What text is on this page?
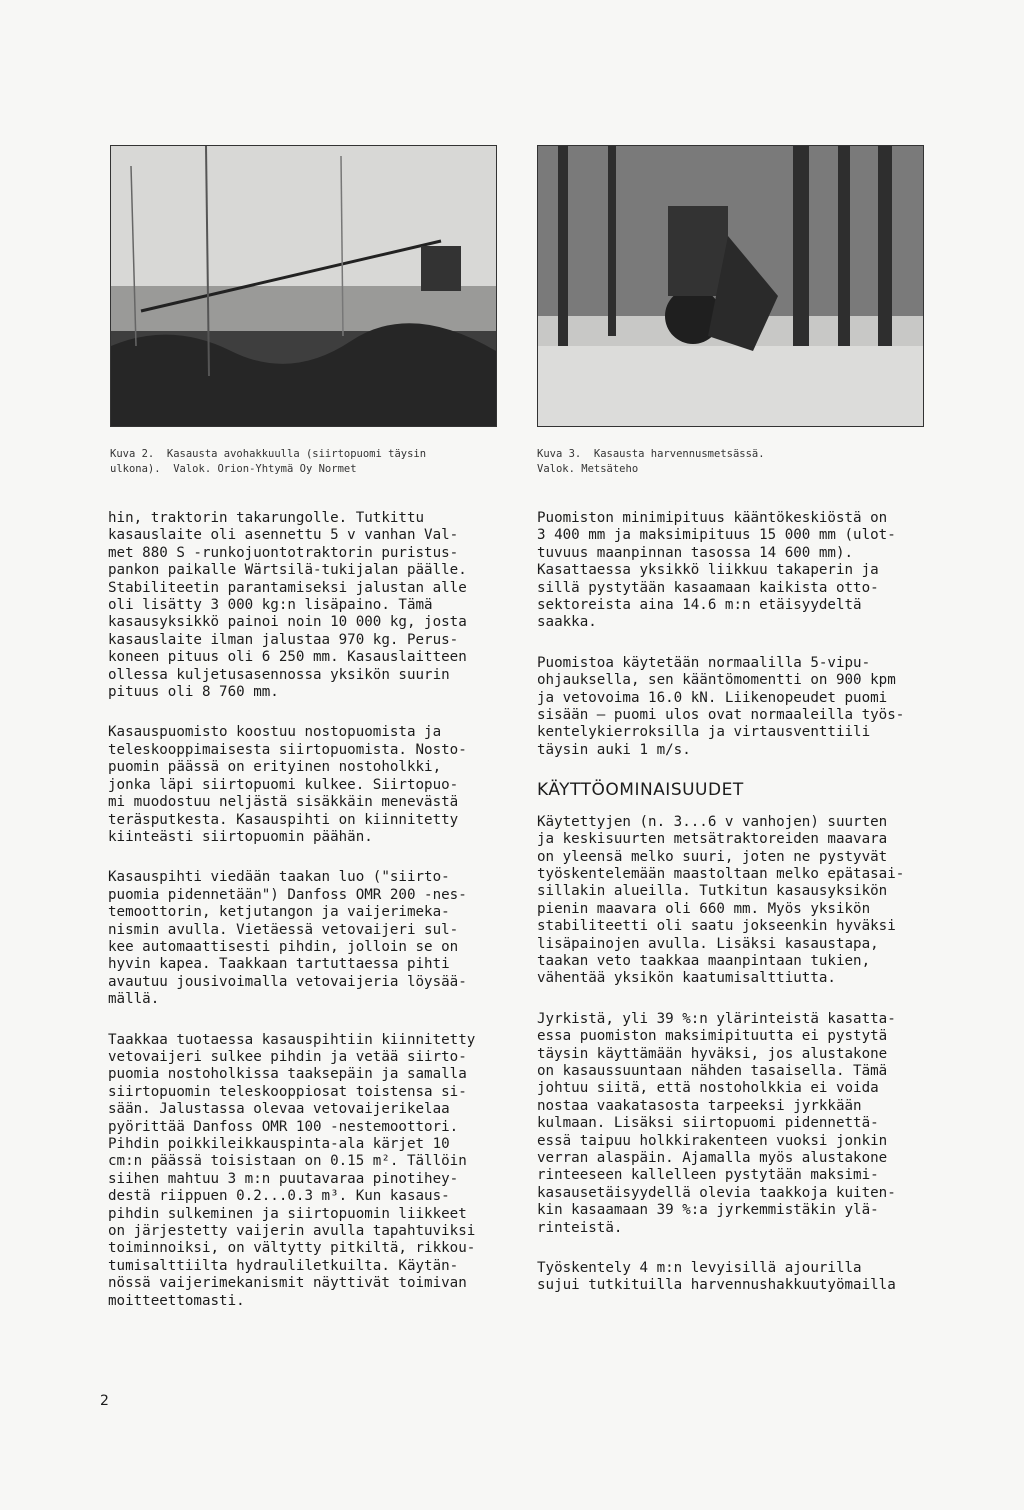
Kuva 2.  Kasausta avohakkuulla (siirtopuomi täysin
ulkona).  Valok. Orion-Yhtymä Oy Normet
Kuva 3.  Kasausta harvennusmetsässä.
Valok. Metsäteho
hin, traktorin takarungolle. Tutkittu
kasauslaite oli asennettu 5 v vanhan Val-
met 880 S -runkojuontotraktorin puristus-
pankon paikalle Wärtsilä-tukijalan päälle.
Stabiliteetin parantamiseksi jalustan alle
oli lisätty 3 000 kg:n lisäpaino. Tämä
kasausyksikkö painoi noin 10 000 kg, josta
kasauslaite ilman jalustaa 970 kg. Perus-
koneen pituus oli 6 250 mm. Kasauslaitteen
ollessa kuljetusasennossa yksikön suurin
pituus oli 8 760 mm.
Kasauspuomisto koostuu nostopuomista ja
teleskooppimaisesta siirtopuomista. Nosto-
puomin päässä on erityinen nostoholkki,
jonka läpi siirtopuomi kulkee. Siirtopuo-
mi muodostuu neljästä sisäkkäin menevästä
teräsputkesta. Kasauspihti on kiinnitetty
kiinteästi siirtopuomin päähän.
Kasauspihti viedään taakan luo ("siirto-
puomia pidennetään") Danfoss OMR 200 -nes-
temoottorin, ketjutangon ja vaijerimeka-
nismin avulla. Vietäessä vetovaijeri sul-
kee automaattisesti pihdin, jolloin se on
hyvin kapea. Taakkaan tartuttaessa pihti
avautuu jousivoimalla vetovaijeria löysää-
mällä.
Taakkaa tuotaessa kasauspihtiin kiinnitetty
vetovaijeri sulkee pihdin ja vetää siirto-
puomia nostoholkissa taaksepäin ja samalla
siirtopuomin teleskooppiosat toistensa si-
sään. Jalustassa olevaa vetovaijerikelaa
pyörittää Danfoss OMR 100 -nestemoottori.
Pihdin poikkileikkauspinta-ala kärjet 10
cm:n päässä toisistaan on 0.15 m². Tällöin
siihen mahtuu 3 m:n puutavaraa pinotihey-
destä riippuen 0.2...0.3 m³. Kun kasaus-
pihdin sulkeminen ja siirtopuomin liikkeet
on järjestetty vaijerin avulla tapahtuviksi
toiminnoiksi, on vältytty pitkiltä, rikkou-
tumisalttiilta hydrauliletkuilta. Käytän-
nössä vaijerimekanismit näyttivät toimivan
moitteettomasti.
Puomiston minimipituus kääntökeskiöstä on
3 400 mm ja maksimipituus 15 000 mm (ulot-
tuvuus maanpinnan tasossa 14 600 mm).
Kasattaessa yksikkö liikkuu takaperin ja
sillä pystytään kasaamaan kaikista otto-
sektoreista aina 14.6 m:n etäisyydeltä
saakka.
Puomistoa käytetään normaalilla 5-vipu-
ohjauksella, sen kääntömomentti on 900 kpm
ja vetovoima 16.0 kN. Liikenopeudet puomi
sisään — puomi ulos ovat normaaleilla työs-
kentelykierroksilla ja virtausventtiili
täysin auki 1 m/s.
KÄYTTÖOMINAISUUDET
Käytettyjen (n. 3...6 v vanhojen) suurten
ja keskisuurten metsätraktoreiden maavara
on yleensä melko suuri, joten ne pystyvät
työskentelemään maastoltaan melko epätasai-
sillakin alueilla. Tutkitun kasausyksikön
pienin maavara oli 660 mm. Myös yksikön
stabiliteetti oli saatu jokseenkin hyväksi
lisäpainojen avulla. Lisäksi kasaustapa,
taakan veto taakkaa maanpintaan tukien,
vähentää yksikön kaatumisalttiutta.
Jyrkistä, yli 39 %:n ylärinteistä kasatta-
essa puomiston maksimipituutta ei pystytä
täysin käyttämään hyväksi, jos alustakone
on kasaussuuntaan nähden tasaisella. Tämä
johtuu siitä, että nostoholkkia ei voida
nostaa vaakatasosta tarpeeksi jyrkkään
kulmaan. Lisäksi siirtopuomi pidennettä-
essä taipuu holkkirakenteen vuoksi jonkin
verran alaspäin. Ajamalla myös alustakone
rinteeseen kallelleen pystytään maksimi-
kasausetäisyydellä olevia taakkoja kuiten-
kin kasaamaan 39 %:a jyrkemmistäkin ylä-
rinteistä.
Työskentely 4 m:n levyisillä ajourilla
sujui tutkituilla harvennushakkuutyömailla
2
